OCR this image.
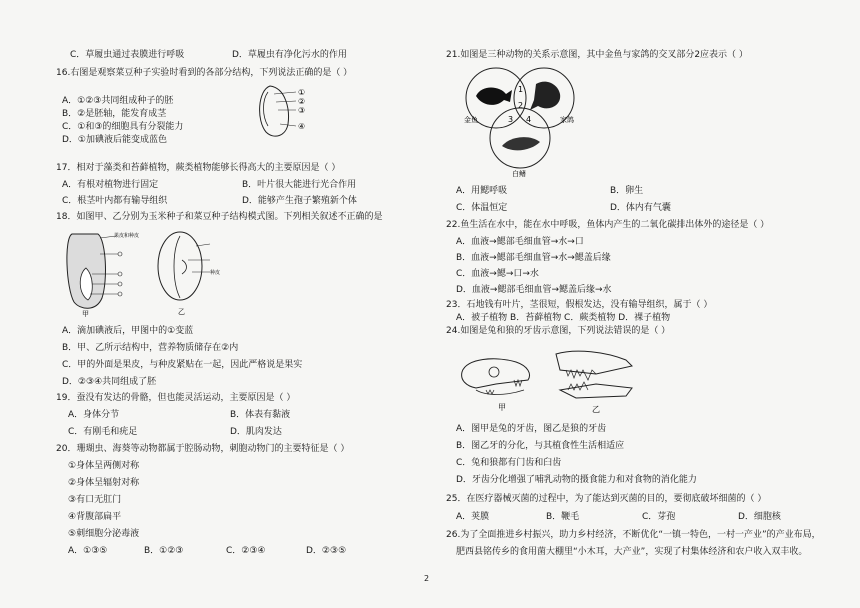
C．草履虫通过表膜进行呼吸	D．草履虫有净化污水的作用
16.右图是观察菜豆种子实验时看到的各部分结构，下列说法正确的是（ ）
A．①②③共同组成种子的胚
B．②是胚轴，能发育成茎
C．①和③的细胞具有分裂能力
D．①加碘液后能变成蓝色
①
②
③
④
17．相对于藻类和苔藓植物，蕨类植物能够长得高大的主要原因是（ ）
A．有根对植物进行固定	B．叶片很大能进行光合作用
C．根茎叶内都有输导组织	D．能够产生孢子繁殖新个体
18．如图甲、乙分别为玉米种子和菜豆种子结构模式图。下列相关叙述不正确的是
果皮和种皮
甲
种皮
乙
A．滴加碘液后，甲图中的①变蓝
B．甲、乙所示结构中，营养物质储存在②内
C．甲的外面是果皮，与种皮紧贴在一起，因此严格说是果实
D．②③④共同组成了胚
19．蚕没有发达的骨骼，但也能灵活运动，主要原因是（ ）
A．身体分节	B．体表有黏液
C．有刚毛和疣足	D．肌肉发达
20．珊瑚虫、海葵等动物都属于腔肠动物，刺胞动物门的主要特征是（ ）
①身体呈两侧对称
②身体呈辐射对称
③有口无肛门
④背腹部扁平
⑤刺细胞分泌毒液
A．①③⑤	B．①②③	C．②③④	D．②③⑤
21.如图是三种动物的关系示意图，其中金鱼与家鸽的交叉部分2应表示（ ）
1
2
3 4
金鱼	家鸽
白鳍
A．用鳃呼吸	B．卵生
C．体温恒定	D．体内有气囊
22.鱼生活在水中，能在水中呼吸，鱼体内产生的二氧化碳排出体外的途径是（ ）
A．血液→鳃部毛细血管→水→口
B．血液→鳃部毛细血管→水→鳃盖后缘
C．血液→鳃→口→水
D．血液→鳃部毛细血管→鳃盖后缘→水
23．石地钱有叶片，茎很短，假根发达，没有输导组织，属于（ ）
A．被子植物 B．苔藓植物 C．蕨类植物 D．裸子植物
24.如图是兔和狼的牙齿示意图，下列说法错误的是（ ）
甲	乙
A．图甲是兔的牙齿，图乙是狼的牙齿
B．图乙牙的分化，与其植食性生活相适应
C．兔和狼都有门齿和臼齿
D．牙齿分化增强了哺乳动物的摄食能力和对食物的消化能力
25．在医疗器械灭菌的过程中，为了能达到灭菌的目的，要彻底破坏细菌的（ ）
A．荚膜	B．鞭毛	C．芽孢	D．细胞核
26.为了全面推进乡村振兴，助力乡村经济，不断优化“一镇一特色，一村一产业”的产业布局，
肥西县铭传乡的食用菌大棚里“小木耳，大产业”，实现了村集体经济和农户收入双丰收。
2
